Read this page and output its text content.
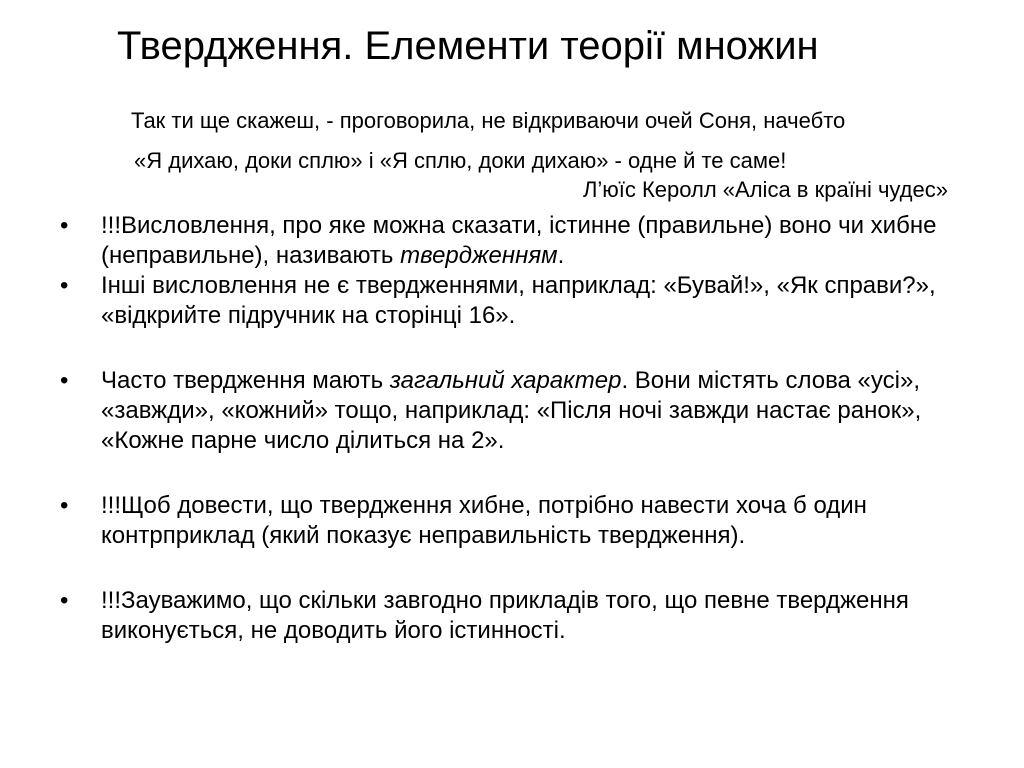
Твердження. Елементи теорії множин
Так ти ще скажеш, - проговорила, не відкриваючи очей Соня, начебто
«Я дихаю, доки сплю» і «Я сплю, доки дихаю» - одне й те саме!
Л’юїс Керолл «Аліса в країні чудес»
• !!!Висловлення, про яке можна сказати, істинне (правильне) воно чи хибне (неправильне), називають твердженням.
• Інші висловлення не є твердженнями, наприклад: «Бувай!», «Як справи?», «відкрийте підручник на сторінці 16».
• Часто твердження мають загальний характер. Вони містять слова «усі», «завжди», «кожний» тощо, наприклад: «Після ночі завжди настає ранок», «Кожне парне число ділиться на 2».
• !!!Щоб довести, що твердження хибне, потрібно навести хоча б один контрприклад (який показує неправильність твердження).
• !!!Зауважимо, що скільки завгодно прикладів того, що певне твердження виконується, не доводить його істинності.
